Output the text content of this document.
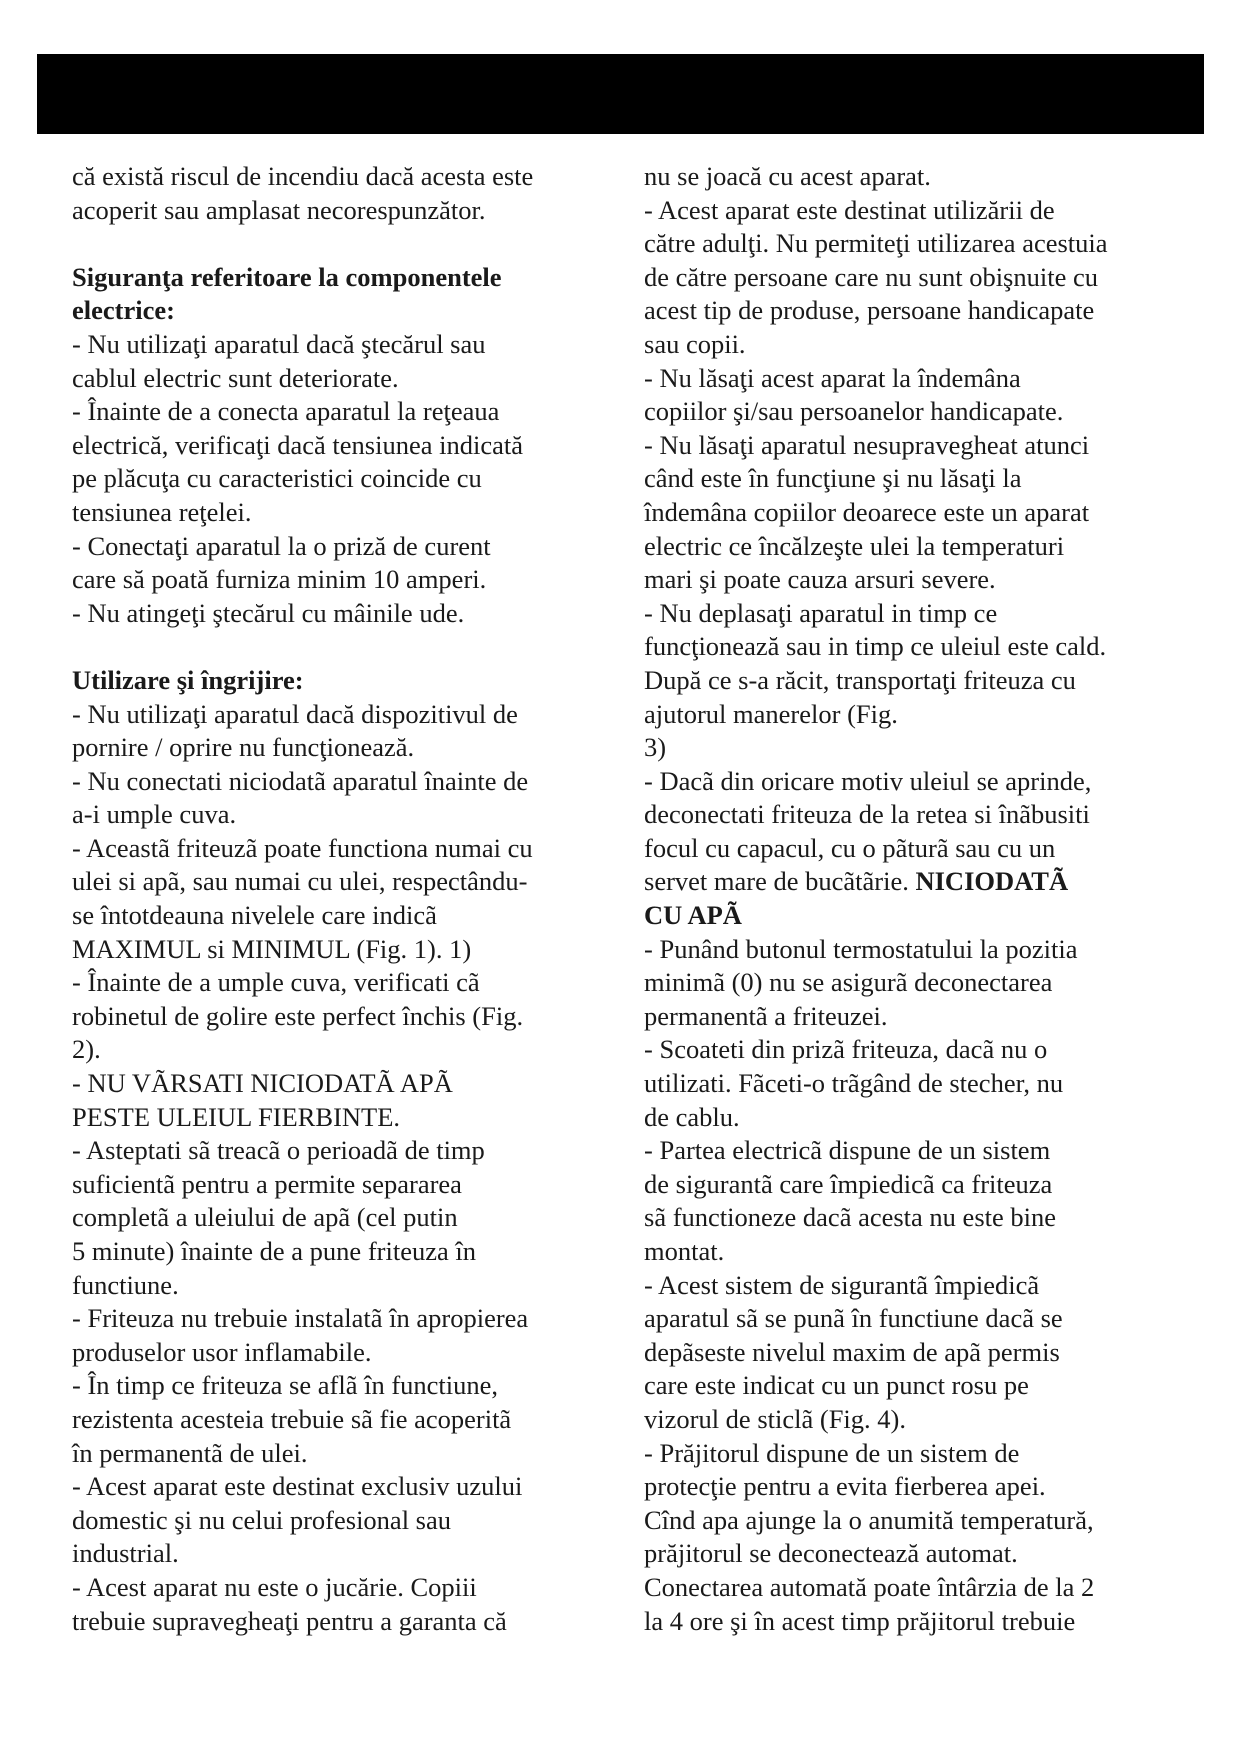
că există riscul de incendiu dacă acesta este

acoperit sau amplasat necorespunzător.

Siguranţa referitoare la componentele

electrice:

- Nu utilizaţi aparatul dacă ştecărul sau

cablul electric sunt deteriorate.

- Înainte de a conecta aparatul la reţeaua

electrică, verificaţi dacă tensiunea indicată

pe plăcuţa cu caracteristici coincide cu

tensiunea reţelei.

- Conectaţi aparatul la o priză de curent

care să poată furniza minim 10 amperi.

- Nu atingeţi ştecărul cu mâinile ude.

Utilizare şi îngrijire:

- Nu utilizaţi aparatul dacă dispozitivul de

pornire / oprire nu funcţionează.

- Nu conectati niciodatã aparatul înainte de

a-i umple cuva.

- Aceastã friteuzã poate functiona numai cu

ulei si apã, sau numai cu ulei, respectându-

se întotdeauna nivelele care indicã

MAXIMUL si MINIMUL (Fig. 1). 1)

- Înainte de a umple cuva, verificati cã

robinetul de golire este perfect închis (Fig.

2).

- NU VÃRSATI NICIODATÃ APÃ

PESTE ULEIUL FIERBINTE.

- Asteptati sã treacã o perioadã de timp

suficientã pentru a permite separarea

completã a uleiului de apã (cel putin

5 minute) înainte de a pune friteuza în

functiune.

- Friteuza nu trebuie instalatã în apropierea

produselor usor inflamabile.

- În timp ce friteuza se aflã în functiune,

rezistenta acesteia trebuie sã fie acoperitã

în permanentã de ulei.

- Acest aparat este destinat exclusiv uzului

domestic şi nu celui profesional sau

industrial.

- Acest aparat nu este o jucărie. Copiii

trebuie supravegheaţi pentru a garanta că

nu se joacă cu acest aparat.

- Acest aparat este destinat utilizării de

către adulţi. Nu permiteţi utilizarea acestuia

de către persoane care nu sunt obişnuite cu

acest tip de produse, persoane handicapate

sau copii.

- Nu lăsaţi acest aparat la îndemâna

copiilor şi/sau persoanelor handicapate.

- Nu lăsaţi aparatul nesupravegheat atunci

când este în funcţiune şi nu lăsaţi la

îndemâna copiilor deoarece este un aparat

electric ce încălzeşte ulei la temperaturi

mari şi poate cauza arsuri severe.

- Nu deplasaţi aparatul in timp ce

funcţionează sau in timp ce uleiul este cald.

După ce s-a răcit, transportaţi friteuza cu

ajutorul manerelor (Fig.

3)

- Dacã din oricare motiv uleiul se aprinde,

deconectati friteuza de la retea si înãbusiti

focul cu capacul, cu o pãturã sau cu un

servet mare de bucãtãrie. NICIODATÃ

CU APÃ

- Punând butonul termostatului la pozitia

minimã (0) nu se asigurã deconectarea

permanentã a friteuzei.

- Scoateti din prizã friteuza, dacã nu o

utilizati. Fãceti-o trãgând de stecher, nu

de cablu.

- Partea electricã dispune de un sistem

de sigurantã care împiedicã ca friteuza

sã functioneze dacã acesta nu este bine

montat.

- Acest sistem de sigurantã împiedicã

aparatul sã se punã în functiune dacã se

depãseste nivelul maxim de apã permis

care este indicat cu un punct rosu pe

vizorul de sticlã (Fig. 4).

- Prăjitorul dispune de un sistem de

protecţie pentru a evita fierberea apei.

Cînd apa ajunge la o anumită temperatură,

prăjitorul se deconectează automat.

Conectarea automată poate întârzia de la 2

la 4 ore şi în acest timp prăjitorul trebuie
